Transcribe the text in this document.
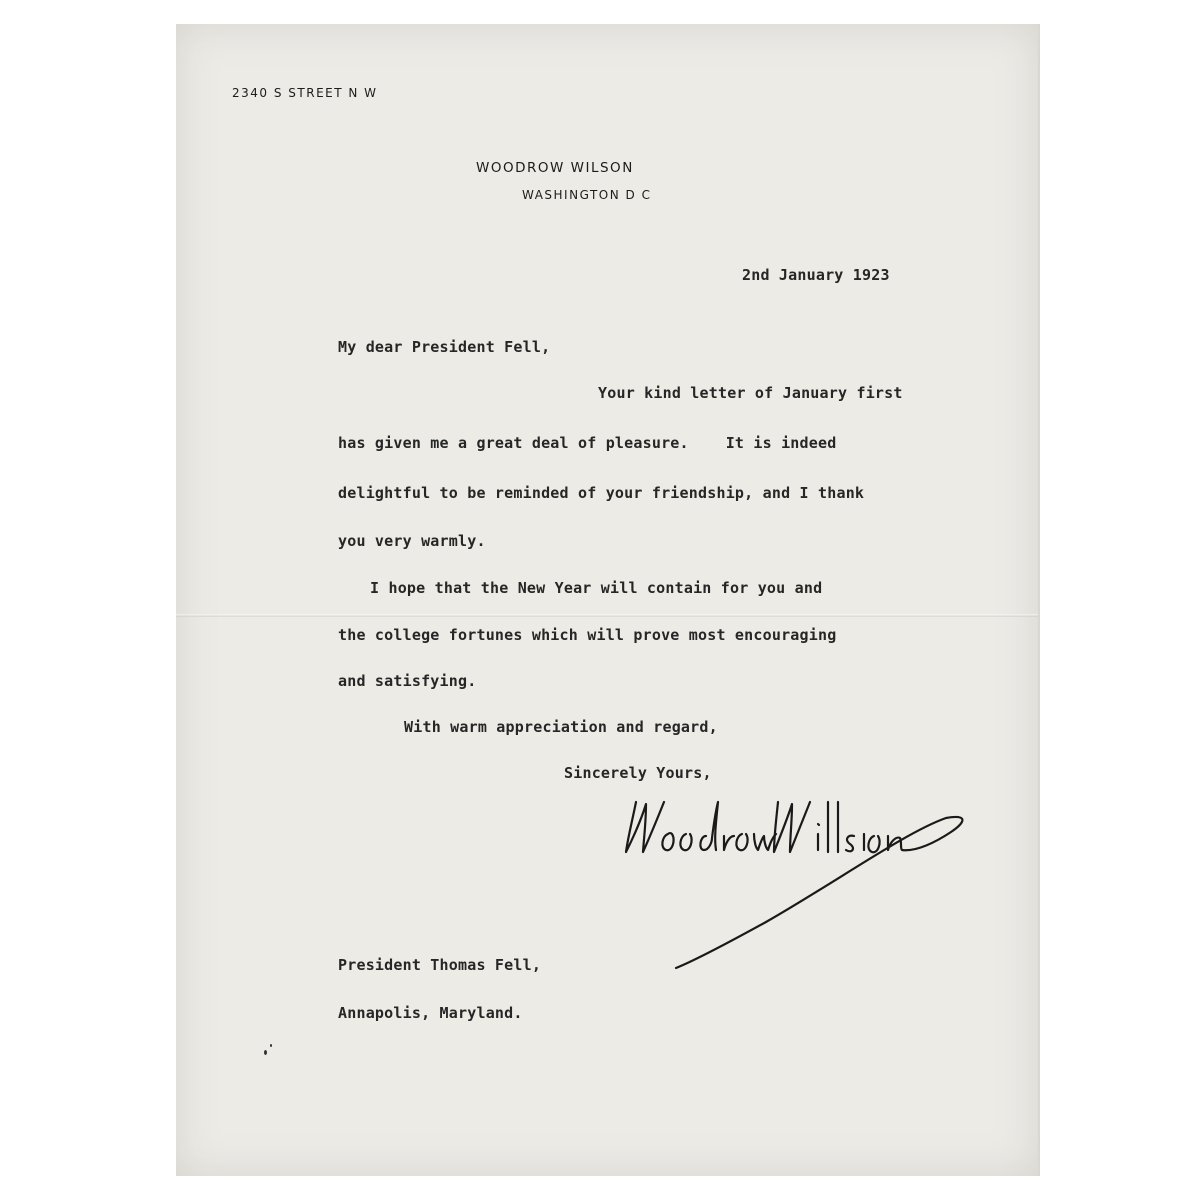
2340 S STREET N W
WOODROW WILSON
WASHINGTON D C
2nd January 1923
My dear President Fell,
Your kind letter of January first
has given me a great deal of pleasure.    It is indeed
delightful to be reminded of your friendship, and I thank
you very warmly.
I hope that the New Year will contain for you and
the college fortunes which will prove most encouraging
and satisfying.
With warm appreciation and regard,
Sincerely Yours,
President Thomas Fell,
Annapolis, Maryland.
